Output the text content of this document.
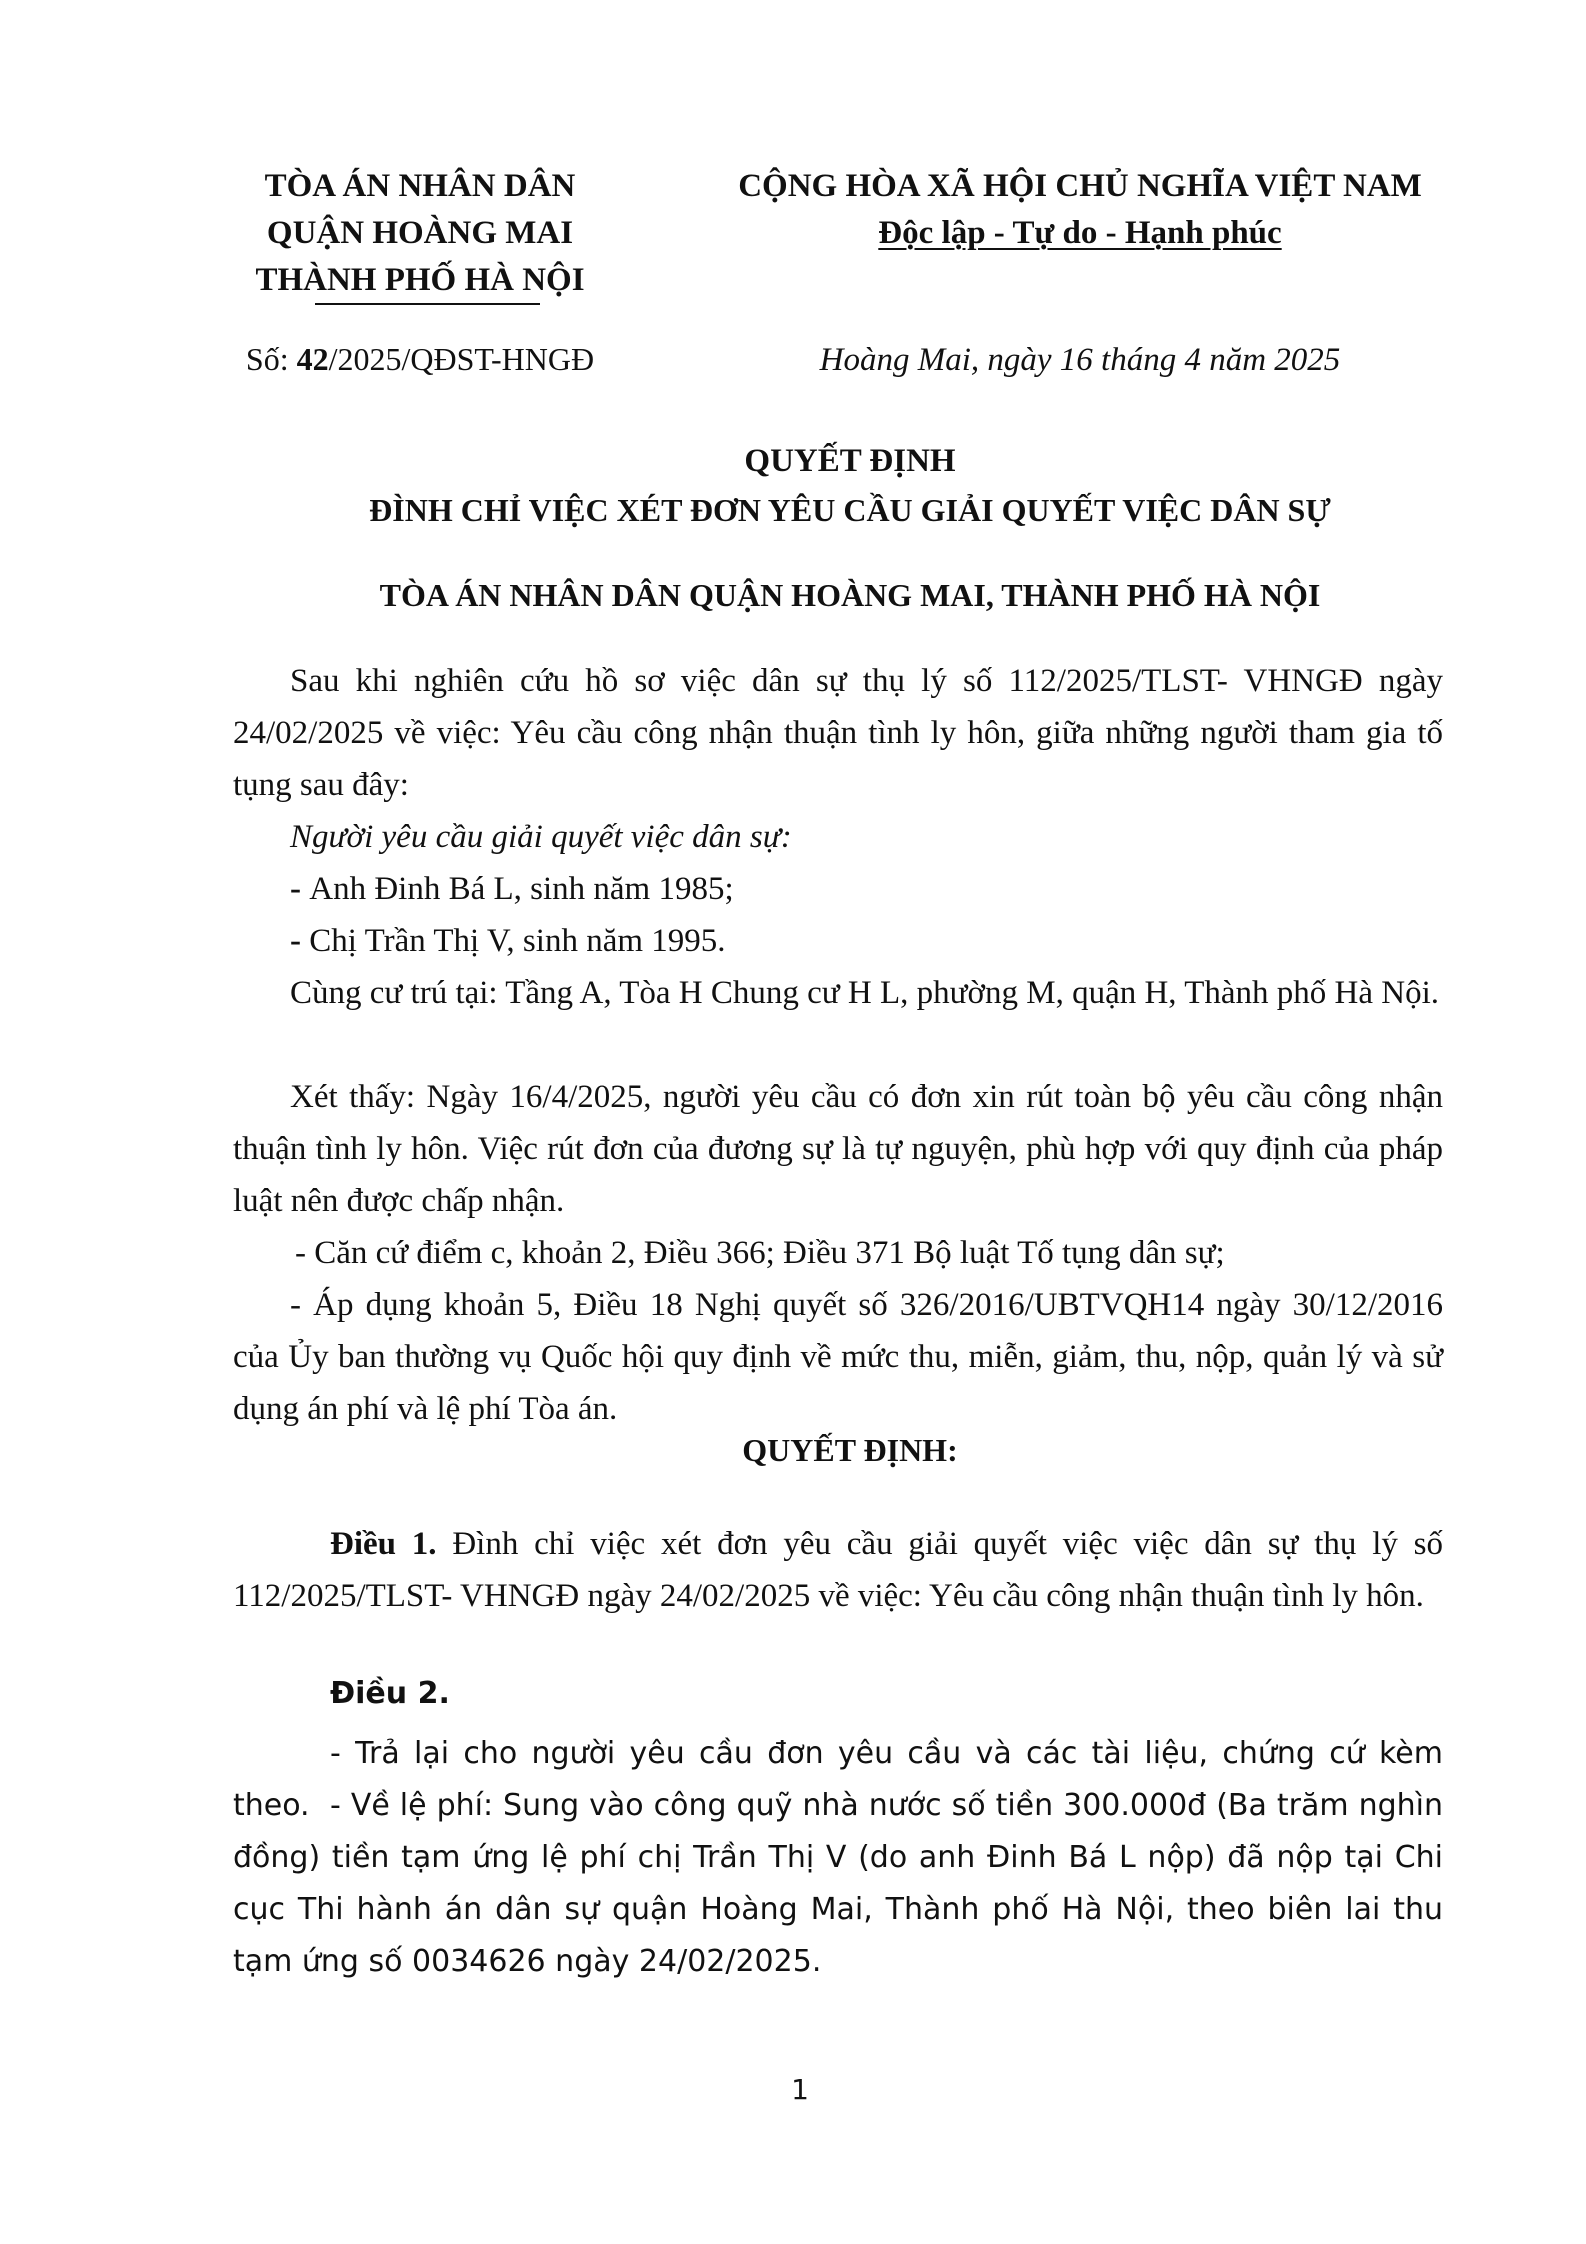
TÒA ÁN NHÂN DÂN
QUẬN HOÀNG MAI
THÀNH PHỐ HÀ NỘI
Số: 42/2025/QĐST-HNGĐ
CỘNG HÒA XÃ HỘI CHỦ NGHĨA VIỆT NAM
Độc lập - Tự do - Hạnh phúc
Hoàng Mai, ngày 16 tháng 4 năm 2025
QUYẾT ĐỊNH
ĐÌNH CHỈ VIỆC XÉT ĐƠN YÊU CẦU GIẢI QUYẾT VIỆC DÂN SỰ
TÒA ÁN NHÂN DÂN QUẬN HOÀNG MAI, THÀNH PHỐ HÀ NỘI
Sau khi nghiên cứu hồ sơ việc dân sự thụ lý số 112/2025/TLST- VHNGĐ ngày 24/02/2025 về việc: Yêu cầu công nhận thuận tình ly hôn, giữa những người tham gia tố tụng sau đây:
Người yêu cầu giải quyết việc dân sự:
- Anh Đinh Bá L, sinh năm 1985;
- Chị Trần Thị V, sinh năm 1995.
Cùng cư trú tại: Tầng A, Tòa H Chung cư H L, phường M, quận H, Thành phố Hà Nội.
Xét thấy: Ngày 16/4/2025, người yêu cầu có đơn xin rút toàn bộ yêu cầu công nhận thuận tình ly hôn. Việc rút đơn của đương sự là tự nguyện, phù hợp với quy định của pháp luật nên được chấp nhận.
- Căn cứ điểm c, khoản 2, Điều 366; Điều 371 Bộ luật Tố tụng dân sự;
- Áp dụng khoản 5, Điều 18 Nghị quyết số 326/2016/UBTVQH14 ngày 30/12/2016 của Ủy ban thường vụ Quốc hội quy định về mức thu, miễn, giảm, thu, nộp, quản lý và sử dụng án phí và lệ phí Tòa án.
QUYẾT ĐỊNH:
Điều 1. Đình chỉ việc xét đơn yêu cầu giải quyết việc việc dân sự thụ lý số 112/2025/TLST- VHNGĐ ngày 24/02/2025 về việc: Yêu cầu công nhận thuận tình ly hôn.
Điều 2.
- Trả lại cho người yêu cầu đơn yêu cầu và các tài liệu, chứng cứ kèm theo. - Về lệ phí: Sung vào công quỹ nhà nước số tiền 300.000đ (Ba trăm nghìn đồng) tiền tạm ứng lệ phí chị Trần Thị V (do anh Đinh Bá L nộp) đã nộp tại Chi cục Thi hành án dân sự quận Hoàng Mai, Thành phố Hà Nội, theo biên lai thu tạm ứng số 0034626 ngày 24/02/2025.
1
